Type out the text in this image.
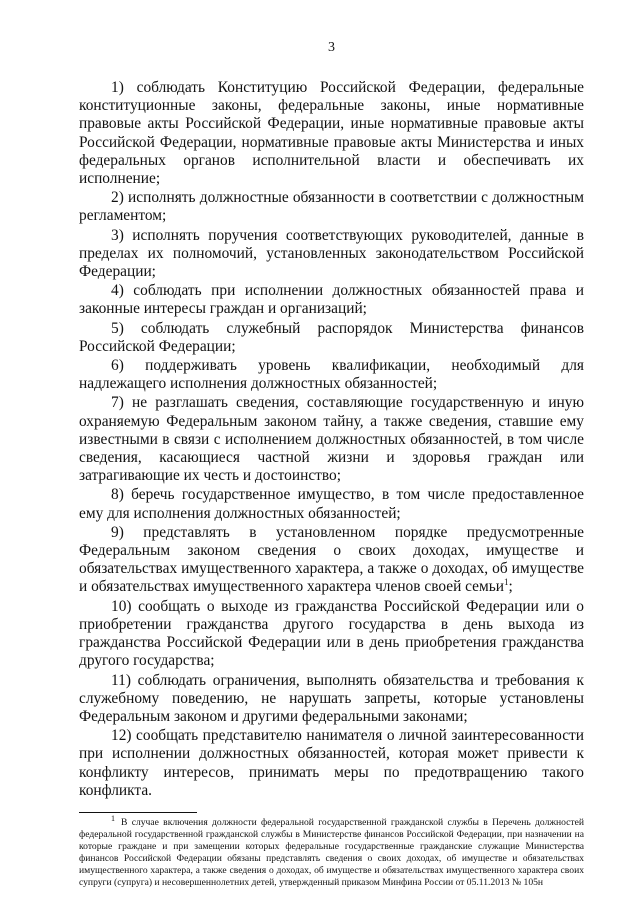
3

1) соблюдать Конституцию Российской Федерации, федеральные конституционные законы, федеральные законы, иные нормативные правовые акты Российской Федерации, иные нормативные правовые акты Российской Федерации, нормативные правовые акты Министерства и иных федеральных органов исполнительной власти и обеспечивать их исполнение;

2) исполнять должностные обязанности в соответствии с должностным регламентом;

3) исполнять поручения соответствующих руководителей, данные в пределах их полномочий, установленных законодательством Российской Федерации;

4) соблюдать при исполнении должностных обязанностей права и законные интересы граждан и организаций;

5) соблюдать служебный распорядок Министерства финансов Российской Федерации;

6) поддерживать уровень квалификации, необходимый для надлежащего исполнения должностных обязанностей;

7) не разглашать сведения, составляющие государственную и иную охраняемую Федеральным законом тайну, а также сведения, ставшие ему известными в связи с исполнением должностных обязанностей, в том числе сведения, касающиеся частной жизни и здоровья граждан или затрагивающие их честь и достоинство;

8) беречь государственное имущество, в том числе предоставленное ему для исполнения должностных обязанностей;

9) представлять в установленном порядке предусмотренные Федеральным законом сведения о своих доходах, имуществе и обязательствах имущественного характера, а также о доходах, об имуществе и обязательствах имущественного характера членов своей семьи$^1$;

10) сообщать о выходе из гражданства Российской Федерации или о приобретении гражданства другого государства в день выхода из гражданства Российской Федерации или в день приобретения гражданства другого государства;

11) соблюдать ограничения, выполнять обязательства и требования к служебному поведению, не нарушать запреты, которые установлены Федеральным законом и другими федеральными законами;

12) сообщать представителю нанимателя о личной заинтересованности при исполнении должностных обязанностей, которая может привести к конфликту интересов, принимать меры по предотвращению такого конфликта.

$^1$ В случае включения должности федеральной государственной гражданской службы в Перечень должностей федеральной государственной гражданской службы в Министерстве финансов Российской Федерации, при назначении на которые граждане и при замещении которых федеральные государственные гражданские служащие Министерства финансов Российской Федерации обязаны представлять сведения о своих доходах, об имуществе и обязательствах имущественного характера, а также сведения о доходах, об имуществе и обязательствах имущественного характера своих супруги (супруга) и несовершеннолетних детей, утвержденный приказом Минфина России от 05.11.2013 № 105н
